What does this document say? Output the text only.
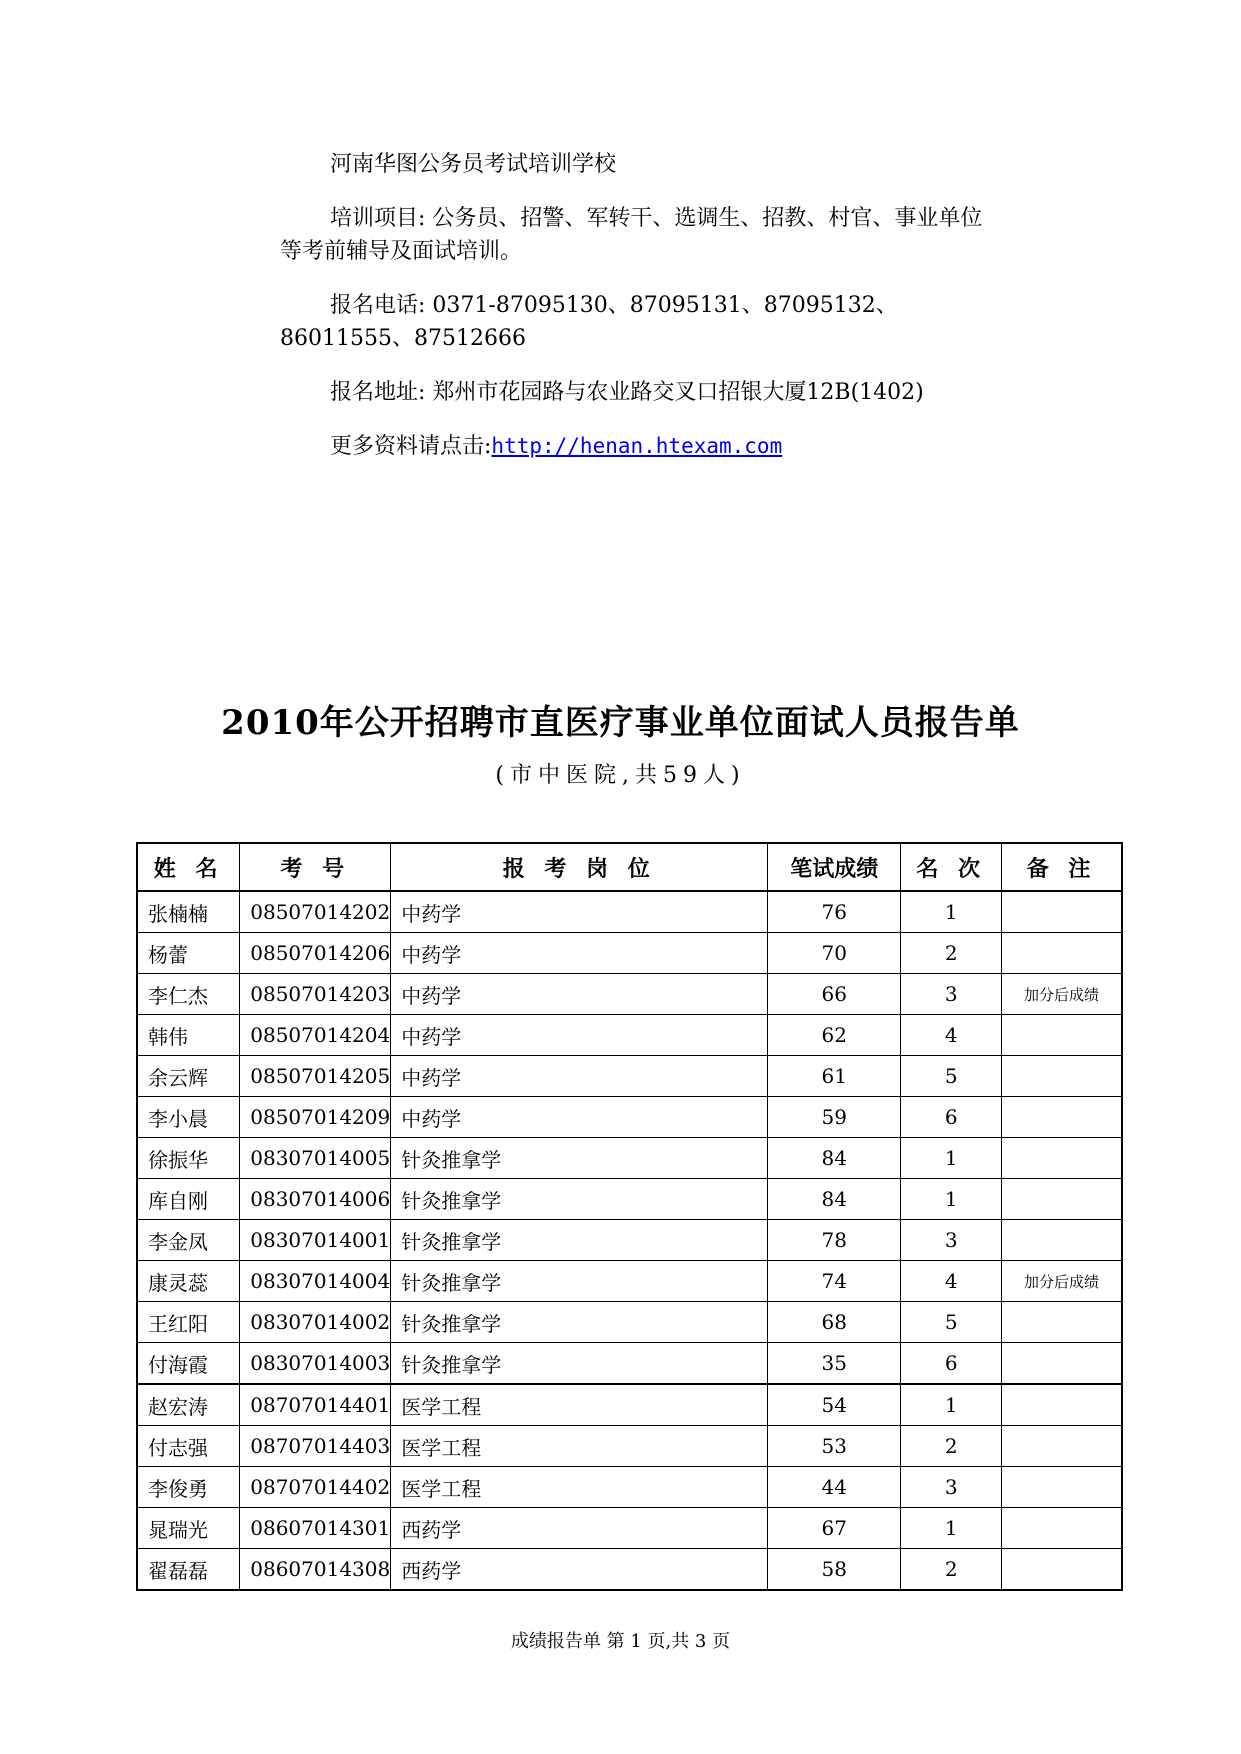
河南华图公务员考试培训学校

培训项目: 公务员、招警、军转干、选调生、招教、村官、事业单位等考前辅导及面试培训。

报名电话: 0371-87095130、87095131、87095132、86011555、87512666

报名地址: 郑州市花园路与农业路交叉口招银大厦12B(1402)

更多资料请点击:http://henan.htexam.com

2010年公开招聘市直医疗事业单位面试人员报告单
(市中医院,共59人)
姓 名	考 号	报 考 岗 位	笔试成绩	名 次	备 注
张楠楠	08507014202	中药学	76	1	
杨蕾	08507014206	中药学	70	2	
李仁杰	08507014203	中药学	66	3	加分后成绩
韩伟	08507014204	中药学	62	4	
余云辉	08507014205	中药学	61	5	
李小晨	08507014209	中药学	59	6	
徐振华	08307014005	针灸推拿学	84	1	
库自刚	08307014006	针灸推拿学	84	1	
李金凤	08307014001	针灸推拿学	78	3	
康灵蕊	08307014004	针灸推拿学	74	4	加分后成绩
王红阳	08307014002	针灸推拿学	68	5	
付海霞	08307014003	针灸推拿学	35	6	
赵宏涛	08707014401	医学工程	54	1	
付志强	08707014403	医学工程	53	2	
李俊勇	08707014402	医学工程	44	3	
晁瑞光	08607014301	西药学	67	1	
翟磊磊	08607014308	西药学	58	2	
成绩报告单 第 1 页,共 3 页
